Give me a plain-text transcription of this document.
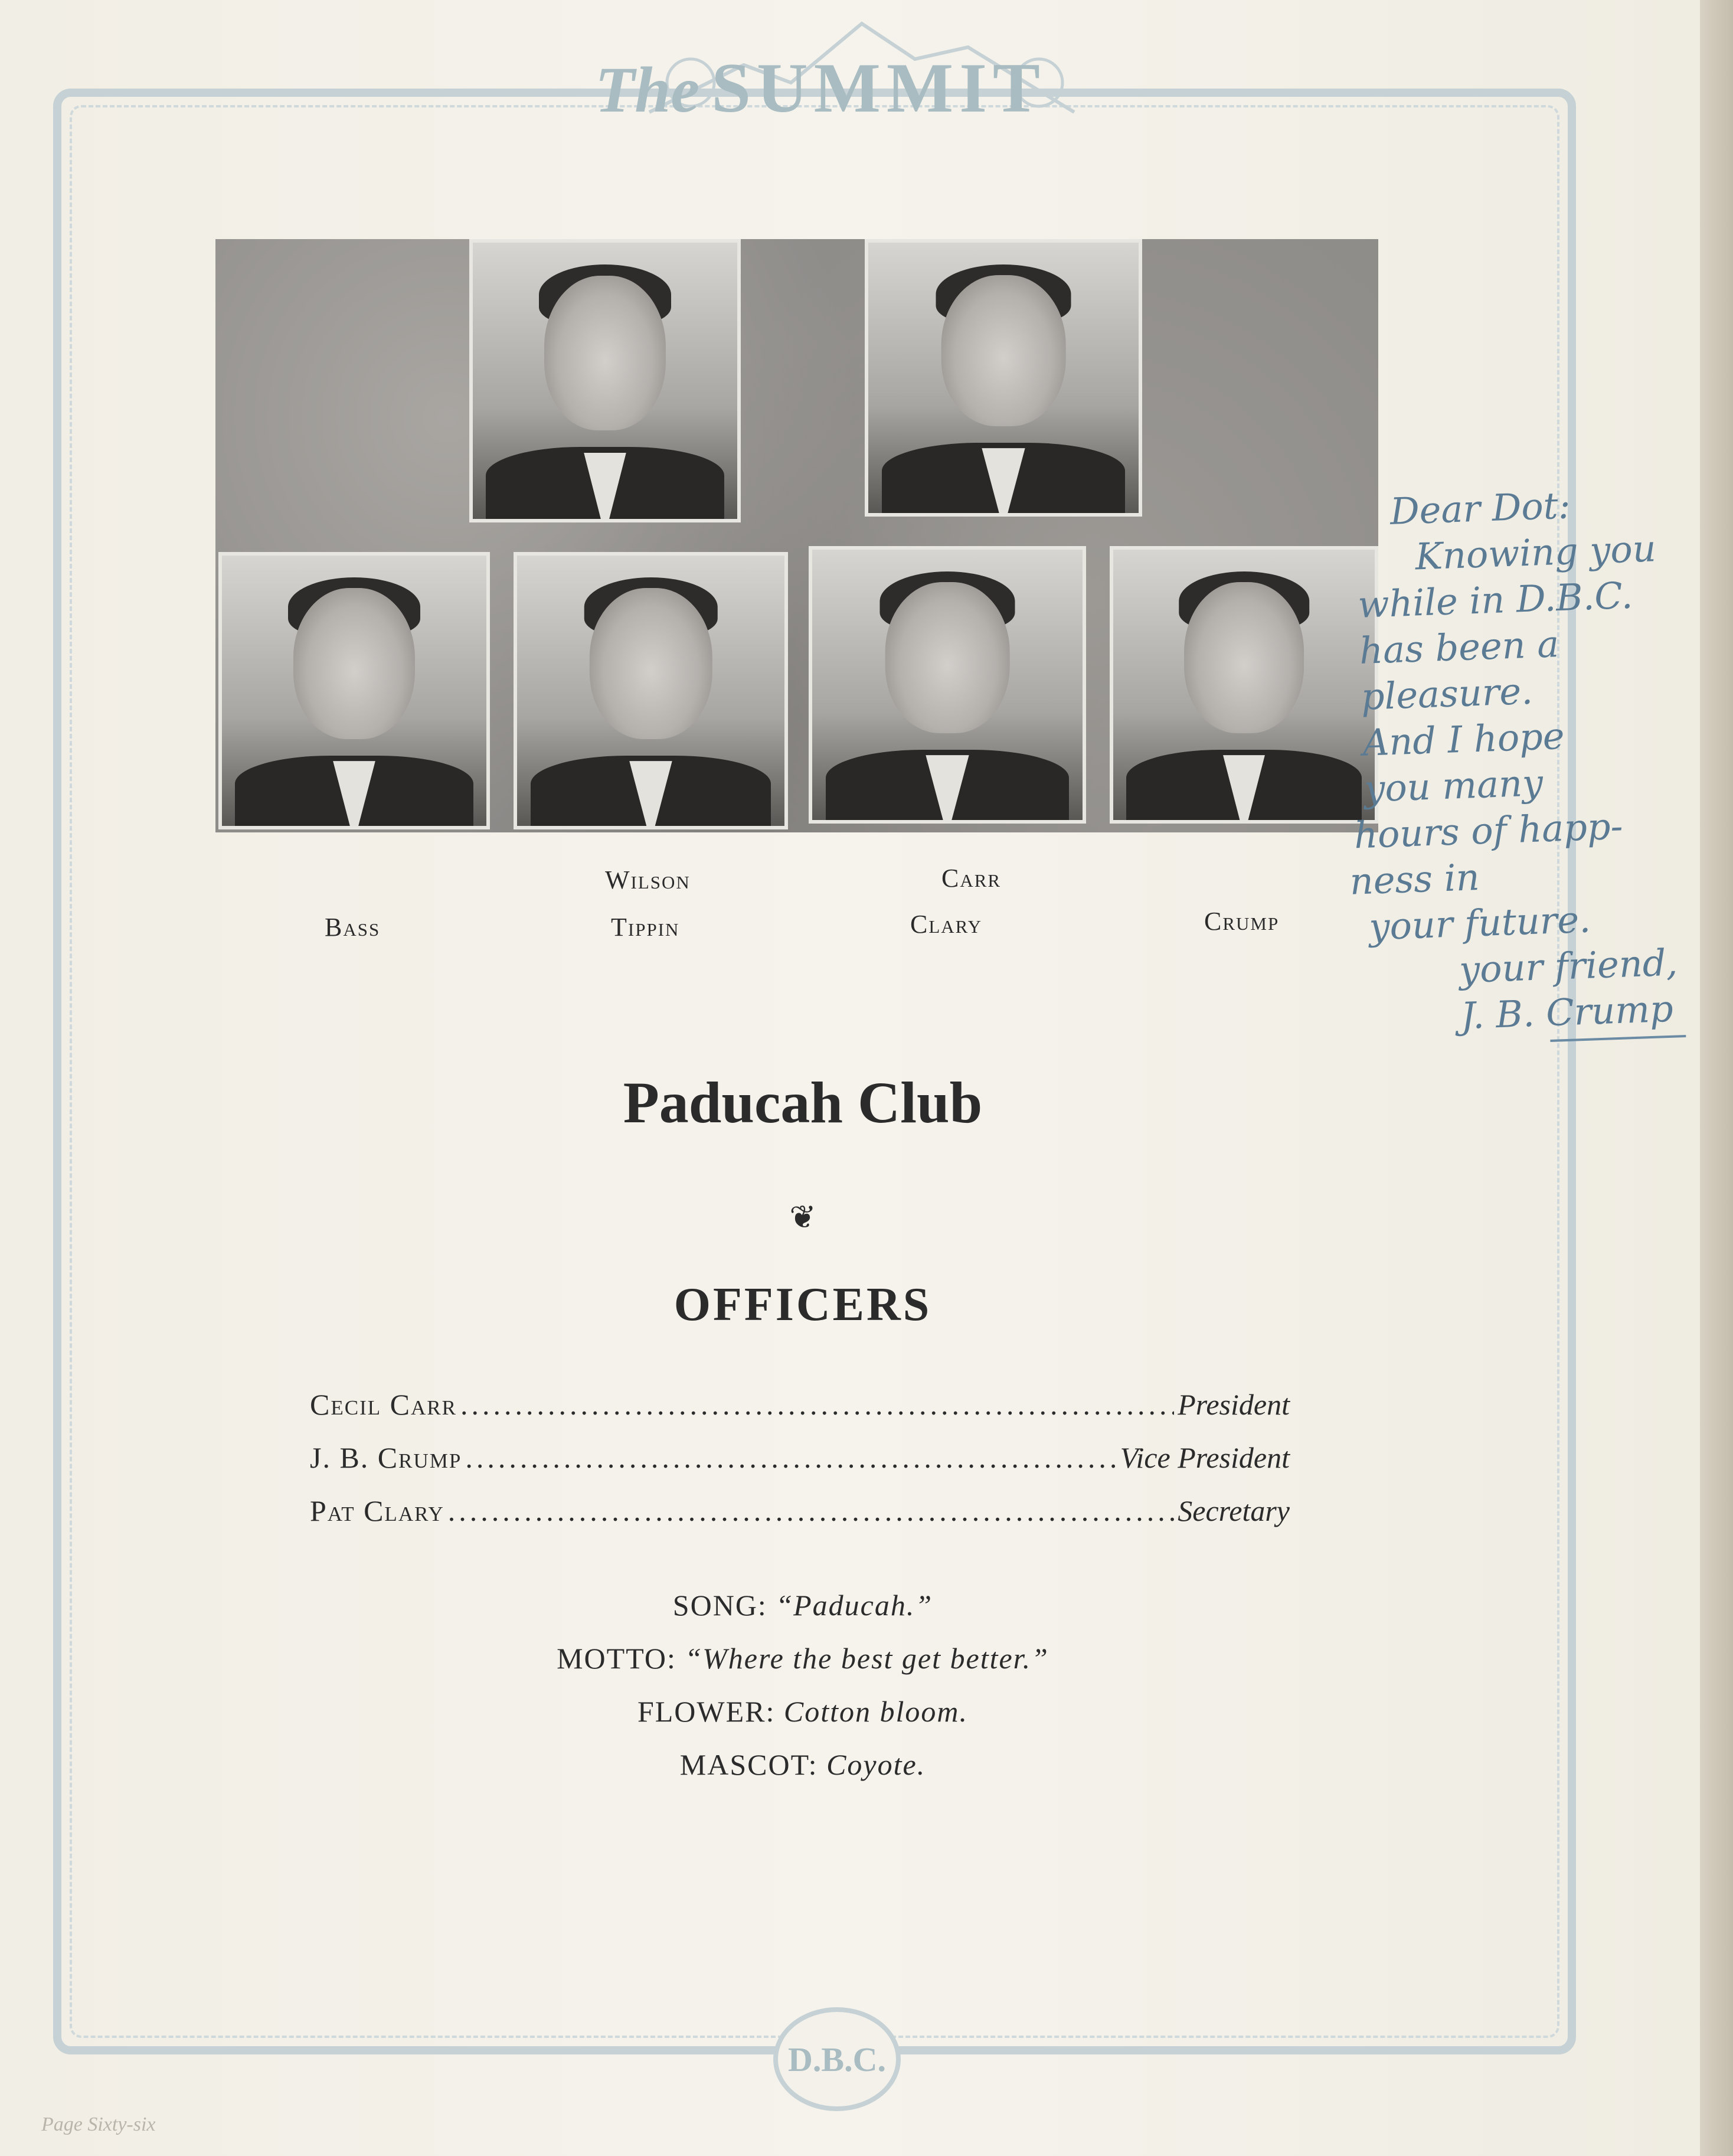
The SUMMIT
Wilson	Carr
Bass	Tippin	Clary	Crump
Dear Dot:
Knowing you
while in D.B.C.
has been a
pleasure.
And I hope
you many
hours of happ-
ness in
your future.
your friend,
J. B. Crump
Paducah Club
❦
OFFICERS
Cecil Carr .....	President
J. B. Crump .....	Vice President
Pat Clary .....	Secretary
SONG: “Paducah.”
MOTTO: “Where the best get better.”
FLOWER: Cotton bloom.
MASCOT: Coyote.
D.B.C.
Page Sixty-six
